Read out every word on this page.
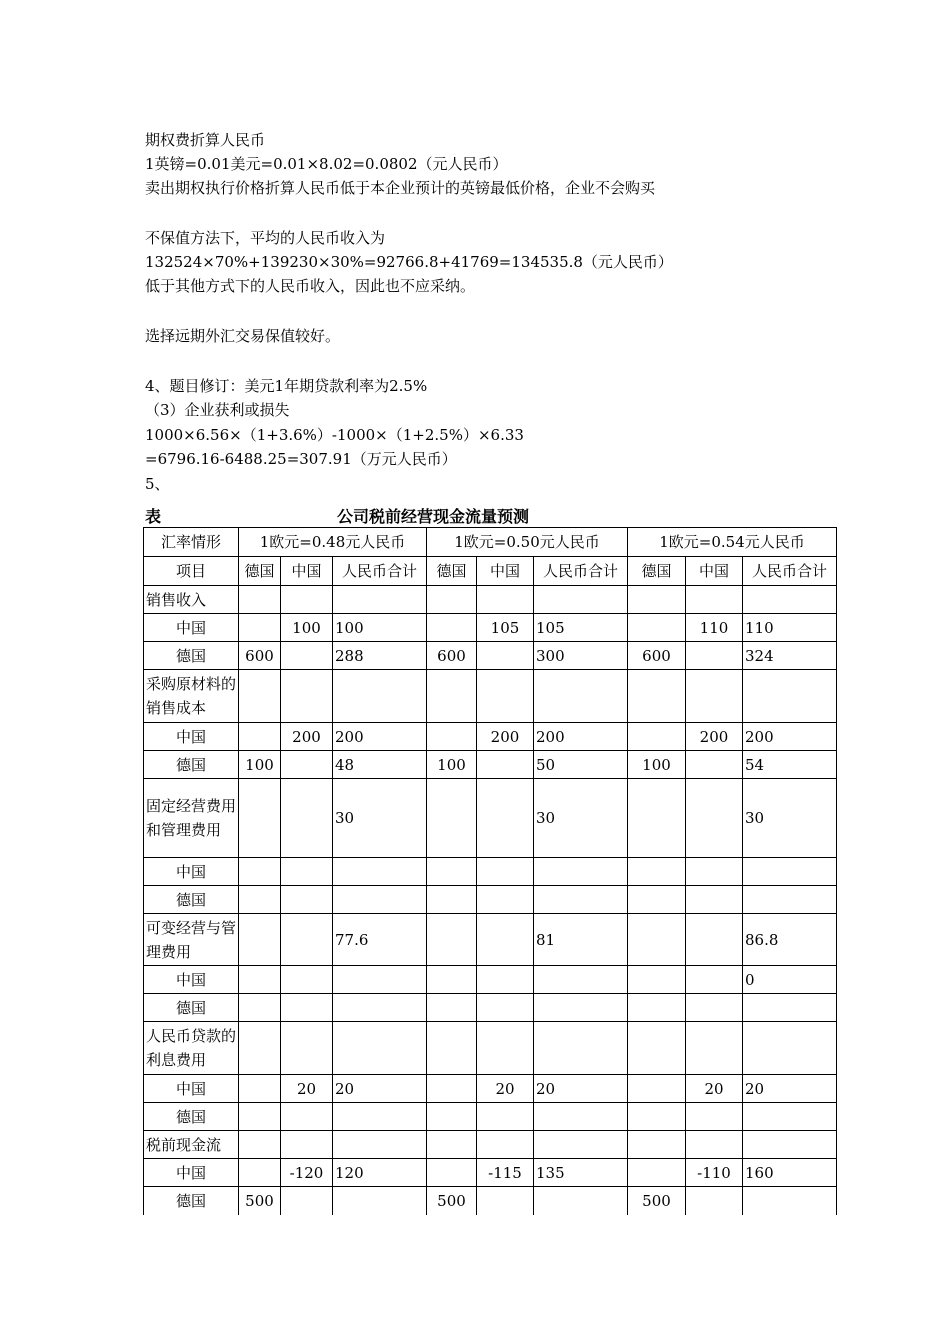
期权费折算人民币
1英镑=0.01美元=0.01×8.02=0.0802（元人民币）
卖出期权执行价格折算人民币低于本企业预计的英镑最低价格，企业不会购买
不保值方法下，平均的人民币收入为
132524×70%+139230×30%=92766.8+41769=134535.8（元人民币）
低于其他方式下的人民币收入，因此也不应采纳。
选择远期外汇交易保值较好。
4、题目修订：美元1年期贷款利率为2.5%
（3）企业获利或损失
1000×6.56×（1+3.6%）-1000×（1+2.5%）×6.33
=6796.16-6488.25=307.91（万元人民币）
5、
表	公司税前经营现金流量预测
汇率情形	1欧元=0.48元人民币			1欧元=0.50元人民币			1欧元=0.54元人民币		
项目	德国	中国	人民币合计	德国	中国	人民币合计	德国	中国	人民币合计
销售收入									
中国		100	100		105	105		110	110
德国	600		288	600		300	600		324
采购原材料的销售成本									
中国		200	200		200	200		200	200
德国	100		48	100		50	100		54
固定经营费用和管理费用			30			30			30
中国									
德国									
可变经营与管理费用			77.6			81			86.8
中国									0
德国									
人民币贷款的利息费用									
中国		20	20		20	20		20	20
德国									
税前现金流									
中国		-120	120		-115	135		-110	160
德国	500			500			500		
